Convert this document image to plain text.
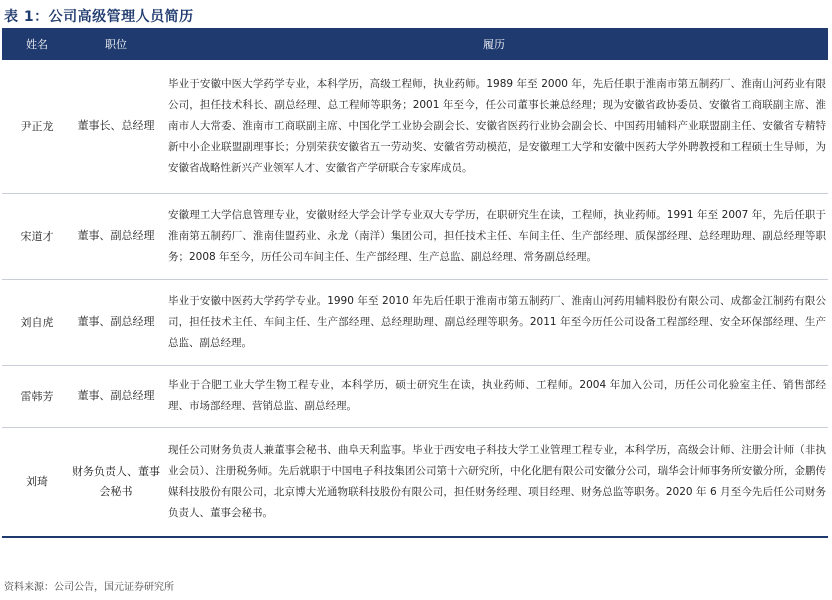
表 1：公司高级管理人员简历
姓名	职位	履历
尹正龙	董事长、总经理	毕业于安徽中医大学药学专业，本科学历，高级工程师，执业药师。1989 年至 2000 年，先后任职于淮南市第五制药厂、淮南山河药业有限公司，担任技术科长、副总经理、总工程师等职务；2001 年至今，任公司董事长兼总经理；现为安徽省政协委员、安徽省工商联副主席、淮南市人大常委、淮南市工商联副主席、中国化学工业协会副会长、安徽省医药行业协会副会长、中国药用辅料产业联盟副主任、安徽省专精特新中小企业联盟副理事长；分别荣获安徽省五一劳动奖、安徽省劳动模范，是安徽理工大学和安徽中医药大学外聘教授和工程硕士生导师，为安徽省战略性新兴产业领军人才、安徽省产学研联合专家库成员。
宋道才	董事、副总经理	安徽理工大学信息管理专业，安徽财经大学会计学专业双大专学历，在职研究生在读，工程师，执业药师。1991 年至 2007 年，先后任职于淮南第五制药厂、淮南佳盟药业、永龙（南洋）集团公司，担任技术主任、车间主任、生产部经理、质保部经理、总经理助理、副总经理等职务；2008 年至今，历任公司车间主任、生产部经理、生产总监、副总经理、常务副总经理。
刘自虎	董事、副总经理	毕业于安徽中医药大学药学专业。1990 年至 2010 年先后任职于淮南市第五制药厂、淮南山河药用辅料股份有限公司、成都金江制药有限公司，担任技术主任、车间主任、生产部经理、总经理助理、副总经理等职务。2011 年至今历任公司设备工程部经理、安全环保部经理、生产总监、副总经理。
雷韩芳	董事、副总经理	毕业于合肥工业大学生物工程专业，本科学历，硕士研究生在读，执业药师、工程师。2004 年加入公司，历任公司化验室主任、销售部经理、市场部经理、营销总监、副总经理。
刘琦	财务负责人、董事会秘书	现任公司财务负责人兼董事会秘书、曲阜天利监事。毕业于西安电子科技大学工业管理工程专业，本科学历，高级会计师、注册会计师（非执业会员）、注册税务师。先后就职于中国电子科技集团公司第十六研究所，中化化肥有限公司安徽分公司，瑞华会计师事务所安徽分所，金鹏传媒科技股份有限公司，北京博大光通物联科技股份有限公司，担任财务经理、项目经理、财务总监等职务。2020 年 6 月至今先后任公司财务负责人、董事会秘书。
资料来源：公司公告，国元证券研究所
